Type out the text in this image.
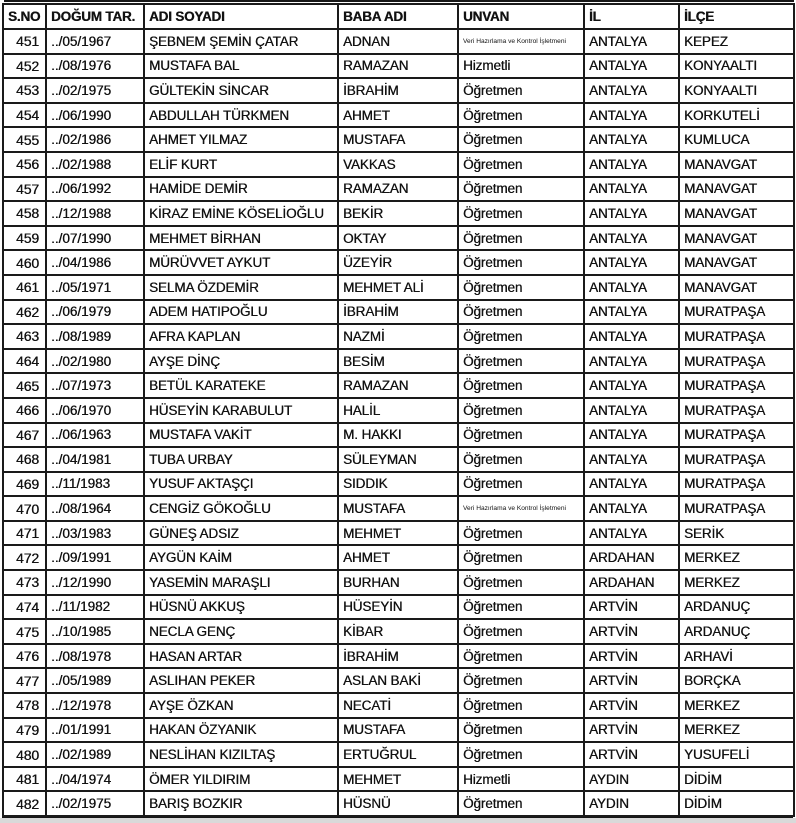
S.NO	DOĞUM TAR.	ADI SOYADI	BABA ADI	UNVAN	İL	İLÇE
451	../05/1967	ŞEBNEM ŞEMİN ÇATAR	ADNAN	Veri Hazırlama ve Kontrol İşletmeni	ANTALYA	KEPEZ
452	../08/1976	MUSTAFA BAL	RAMAZAN	Hizmetli	ANTALYA	KONYAALTI
453	../02/1975	GÜLTEKİN SİNCAR	İBRAHİM	Öğretmen	ANTALYA	KONYAALTI
454	../06/1990	ABDULLAH TÜRKMEN	AHMET	Öğretmen	ANTALYA	KORKUTELİ
455	../02/1986	AHMET YILMAZ	MUSTAFA	Öğretmen	ANTALYA	KUMLUCA
456	../02/1988	ELİF KURT	VAKKAS	Öğretmen	ANTALYA	MANAVGAT
457	../06/1992	HAMİDE DEMİR	RAMAZAN	Öğretmen	ANTALYA	MANAVGAT
458	../12/1988	KİRAZ EMİNE KÖSELİOĞLU	BEKİR	Öğretmen	ANTALYA	MANAVGAT
459	../07/1990	MEHMET BİRHAN	OKTAY	Öğretmen	ANTALYA	MANAVGAT
460	../04/1986	MÜRÜVVET AYKUT	ÜZEYİR	Öğretmen	ANTALYA	MANAVGAT
461	../05/1971	SELMA ÖZDEMİR	MEHMET ALİ	Öğretmen	ANTALYA	MANAVGAT
462	../06/1979	ADEM HATIPOĞLU	İBRAHİM	Öğretmen	ANTALYA	MURATPAŞA
463	../08/1989	AFRA KAPLAN	NAZMİ	Öğretmen	ANTALYA	MURATPAŞA
464	../02/1980	AYŞE DİNÇ	BESİM	Öğretmen	ANTALYA	MURATPAŞA
465	../07/1973	BETÜL KARATEKE	RAMAZAN	Öğretmen	ANTALYA	MURATPAŞA
466	../06/1970	HÜSEYİN KARABULUT	HALİL	Öğretmen	ANTALYA	MURATPAŞA
467	../06/1963	MUSTAFA VAKİT	M. HAKKI	Öğretmen	ANTALYA	MURATPAŞA
468	../04/1981	TUBA URBAY	SÜLEYMAN	Öğretmen	ANTALYA	MURATPAŞA
469	../11/1983	YUSUF AKTAŞÇI	SIDDIK	Öğretmen	ANTALYA	MURATPAŞA
470	../08/1964	CENGİZ GÖKOĞLU	MUSTAFA	Veri Hazırlama ve Kontrol İşletmeni	ANTALYA	MURATPAŞA
471	../03/1983	GÜNEŞ ADSIZ	MEHMET	Öğretmen	ANTALYA	SERİK
472	../09/1991	AYGÜN KAİM	AHMET	Öğretmen	ARDAHAN	MERKEZ
473	../12/1990	YASEMİN MARAŞLI	BURHAN	Öğretmen	ARDAHAN	MERKEZ
474	../11/1982	HÜSNÜ AKKUŞ	HÜSEYİN	Öğretmen	ARTVİN	ARDANUÇ
475	../10/1985	NECLA GENÇ	KİBAR	Öğretmen	ARTVİN	ARDANUÇ
476	../08/1978	HASAN ARTAR	İBRAHİM	Öğretmen	ARTVİN	ARHAVİ
477	../05/1989	ASLIHAN PEKER	ASLAN BAKİ	Öğretmen	ARTVİN	BORÇKA
478	../12/1978	AYŞE ÖZKAN	NECATİ	Öğretmen	ARTVİN	MERKEZ
479	../01/1991	HAKAN ÖZYANIK	MUSTAFA	Öğretmen	ARTVİN	MERKEZ
480	../02/1989	NESLİHAN KIZILTAŞ	ERTUĞRUL	Öğretmen	ARTVİN	YUSUFELİ
481	../04/1974	ÖMER YILDIRIM	MEHMET	Hizmetli	AYDIN	DİDİM
482	../02/1975	BARIŞ BOZKIR	HÜSNÜ	Öğretmen	AYDIN	DİDİM
